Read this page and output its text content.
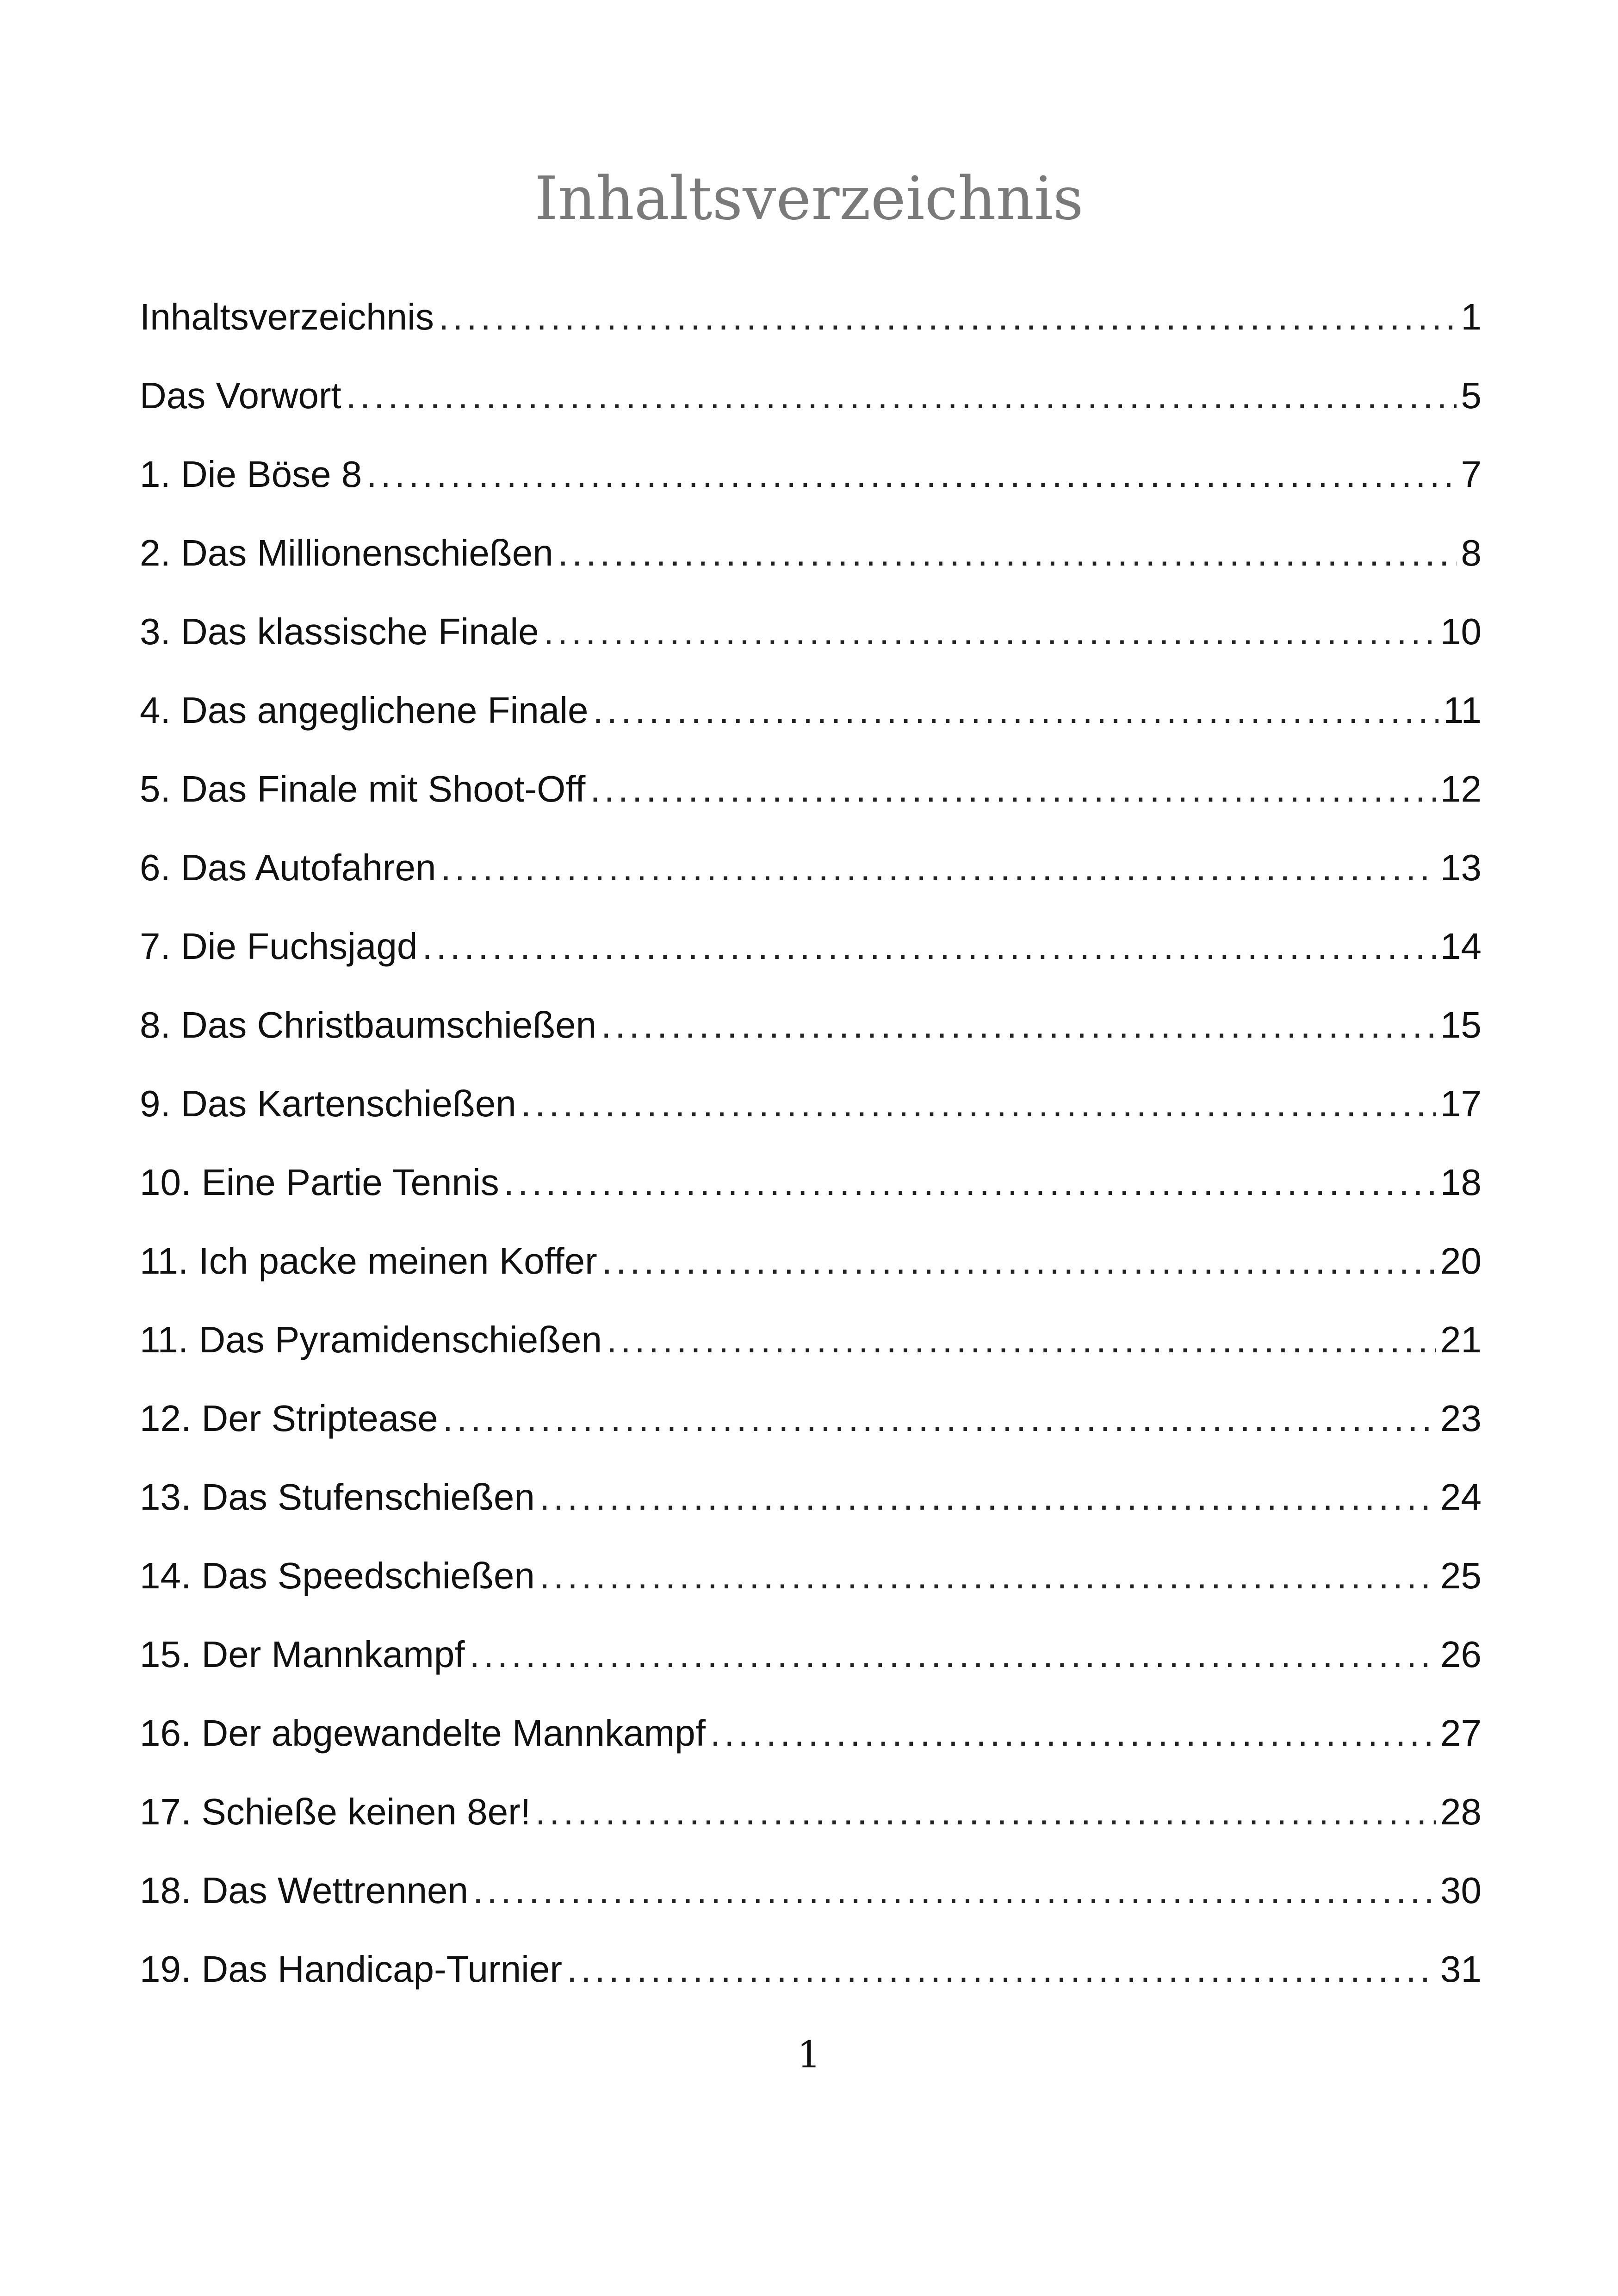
Inhaltsverzeichnis
Inhaltsverzeichnis .....	1
Das Vorwort .....	5
1. Die Böse 8 .....	7
2. Das Millionenschießen .....	8
3. Das klassische Finale .....	10
4. Das angeglichene Finale .....	11
5. Das Finale mit Shoot-Off .....	12
6. Das Autofahren .....	13
7. Die Fuchsjagd .....	14
8. Das Christbaumschießen .....	15
9. Das Kartenschießen .....	17
10. Eine Partie Tennis .....	18
11. Ich packe meinen Koffer .....	20
11. Das Pyramidenschießen .....	21
12. Der Striptease .....	23
13. Das Stufenschießen .....	24
14. Das Speedschießen .....	25
15. Der Mannkampf .....	26
16. Der abgewandelte Mannkampf .....	27
17. Schieße keinen 8er! .....	28
18. Das Wettrennen .....	30
19. Das Handicap-Turnier .....	31
1
